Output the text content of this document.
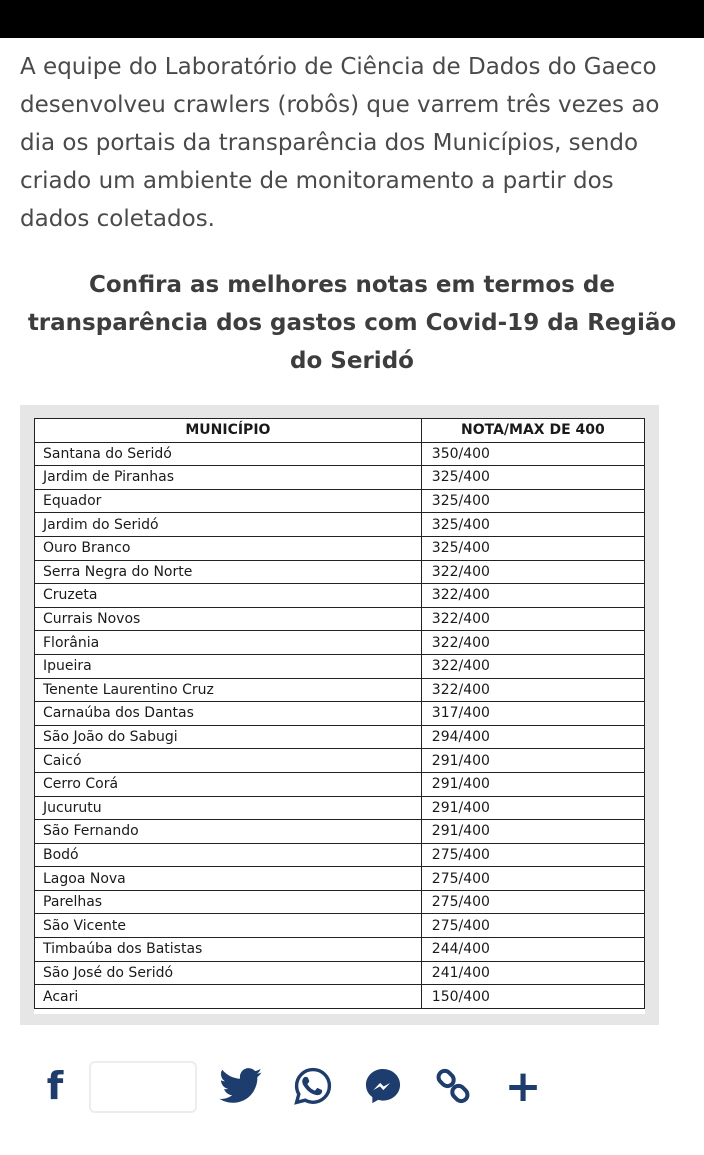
A equipe do Laboratório de Ciência de Dados do Gaeco desenvolveu crawlers (robôs) que varrem três vezes ao dia os portais da transparência dos Municípios, sendo criado um ambiente de monitoramento a partir dos dados coletados.
Confira as melhores notas em termos de transparência dos gastos com Covid-19 da Região do Seridó
MUNICÍPIO	NOTA/MAX DE 400
Santana do Seridó	350/400
Jardim de Piranhas	325/400
Equador	325/400
Jardim do Seridó	325/400
Ouro Branco	325/400
Serra Negra do Norte	322/400
Cruzeta	322/400
Currais Novos	322/400
Florânia	322/400
Ipueira	322/400
Tenente Laurentino Cruz	322/400
Carnaúba dos Dantas	317/400
São João do Sabugi	294/400
Caicó	291/400
Cerro Corá	291/400
Jucurutu	291/400
São Fernando	291/400
Bodó	275/400
Lagoa Nova	275/400
Parelhas	275/400
São Vicente	275/400
Timbaúba dos Batistas	244/400
São José do Seridó	241/400
Acari	150/400
f	+
